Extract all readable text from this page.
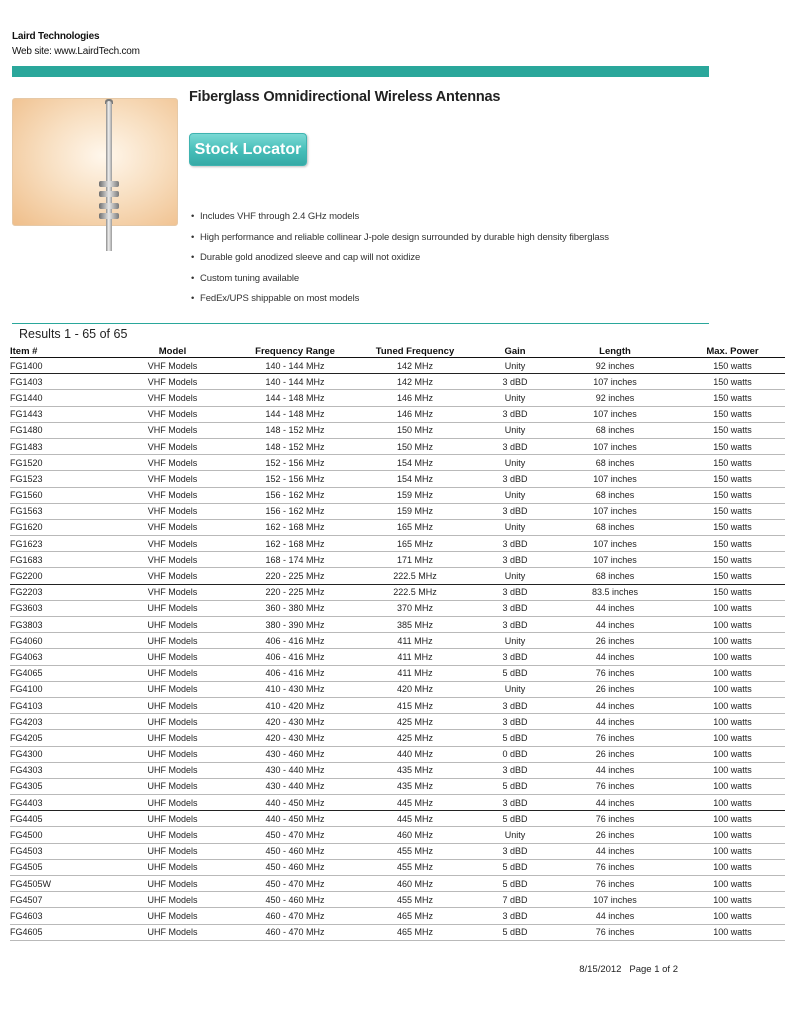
Laird Technologies
Web site: www.LairdTech.com
Fiberglass Omnidirectional Wireless Antennas
Stock Locator
• Includes VHF through 2.4 GHz models
• High performance and reliable collinear J-pole design surrounded by durable high density fiberglass
• Durable gold anodized sleeve and cap will not oxidize
• Custom tuning available
• FedEx/UPS shippable on most models
Results 1 - 65 of 65
Item #	Model	Frequency Range	Tuned Frequency	Gain	Length	Max. Power
FG1400	VHF Models	140 - 144 MHz	142 MHz	Unity	92 inches	150 watts
FG1403	VHF Models	140 - 144 MHz	142 MHz	3 dBD	107 inches	150 watts
FG1440	VHF Models	144 - 148 MHz	146 MHz	Unity	92 inches	150 watts
FG1443	VHF Models	144 - 148 MHz	146 MHz	3 dBD	107 inches	150 watts
FG1480	VHF Models	148 - 152 MHz	150 MHz	Unity	68 inches	150 watts
FG1483	VHF Models	148 - 152 MHz	150 MHz	3 dBD	107 inches	150 watts
FG1520	VHF Models	152 - 156 MHz	154 MHz	Unity	68 inches	150 watts
FG1523	VHF Models	152 - 156 MHz	154 MHz	3 dBD	107 inches	150 watts
FG1560	VHF Models	156 - 162 MHz	159 MHz	Unity	68 inches	150 watts
FG1563	VHF Models	156 - 162 MHz	159 MHz	3 dBD	107 inches	150 watts
FG1620	VHF Models	162 - 168 MHz	165 MHz	Unity	68 inches	150 watts
FG1623	VHF Models	162 - 168 MHz	165 MHz	3 dBD	107 inches	150 watts
FG1683	VHF Models	168 - 174 MHz	171 MHz	3 dBD	107 inches	150 watts
FG2200	VHF Models	220 - 225 MHz	222.5 MHz	Unity	68 inches	150 watts
FG2203	VHF Models	220 - 225 MHz	222.5 MHz	3 dBD	83.5 inches	150 watts
FG3603	UHF Models	360 - 380 MHz	370 MHz	3 dBD	44 inches	100 watts
FG3803	UHF Models	380 - 390 MHz	385 MHz	3 dBD	44 inches	100 watts
FG4060	UHF Models	406 - 416 MHz	411 MHz	Unity	26 inches	100 watts
FG4063	UHF Models	406 - 416 MHz	411 MHz	3 dBD	44 inches	100 watts
FG4065	UHF Models	406 - 416 MHz	411 MHz	5 dBD	76 inches	100 watts
FG4100	UHF Models	410 - 430 MHz	420 MHz	Unity	26 inches	100 watts
FG4103	UHF Models	410 - 420 MHz	415 MHz	3 dBD	44 inches	100 watts
FG4203	UHF Models	420 - 430 MHz	425 MHz	3 dBD	44 inches	100 watts
FG4205	UHF Models	420 - 430 MHz	425 MHz	5 dBD	76 inches	100 watts
FG4300	UHF Models	430 - 460 MHz	440 MHz	0 dBD	26 inches	100 watts
FG4303	UHF Models	430 - 440 MHz	435 MHz	3 dBD	44 inches	100 watts
FG4305	UHF Models	430 - 440 MHz	435 MHz	5 dBD	76 inches	100 watts
FG4403	UHF Models	440 - 450 MHz	445 MHz	3 dBD	44 inches	100 watts
FG4405	UHF Models	440 - 450 MHz	445 MHz	5 dBD	76 inches	100 watts
FG4500	UHF Models	450 - 470 MHz	460 MHz	Unity	26 inches	100 watts
FG4503	UHF Models	450 - 460 MHz	455 MHz	3 dBD	44 inches	100 watts
FG4505	UHF Models	450 - 460 MHz	455 MHz	5 dBD	76 inches	100 watts
FG4505W	UHF Models	450 - 470 MHz	460 MHz	5 dBD	76 inches	100 watts
FG4507	UHF Models	450 - 460 MHz	455 MHz	7 dBD	107 inches	100 watts
FG4603	UHF Models	460 - 470 MHz	465 MHz	3 dBD	44 inches	100 watts
FG4605	UHF Models	460 - 470 MHz	465 MHz	5 dBD	76 inches	100 watts
8/15/2012 Page 1 of 2
